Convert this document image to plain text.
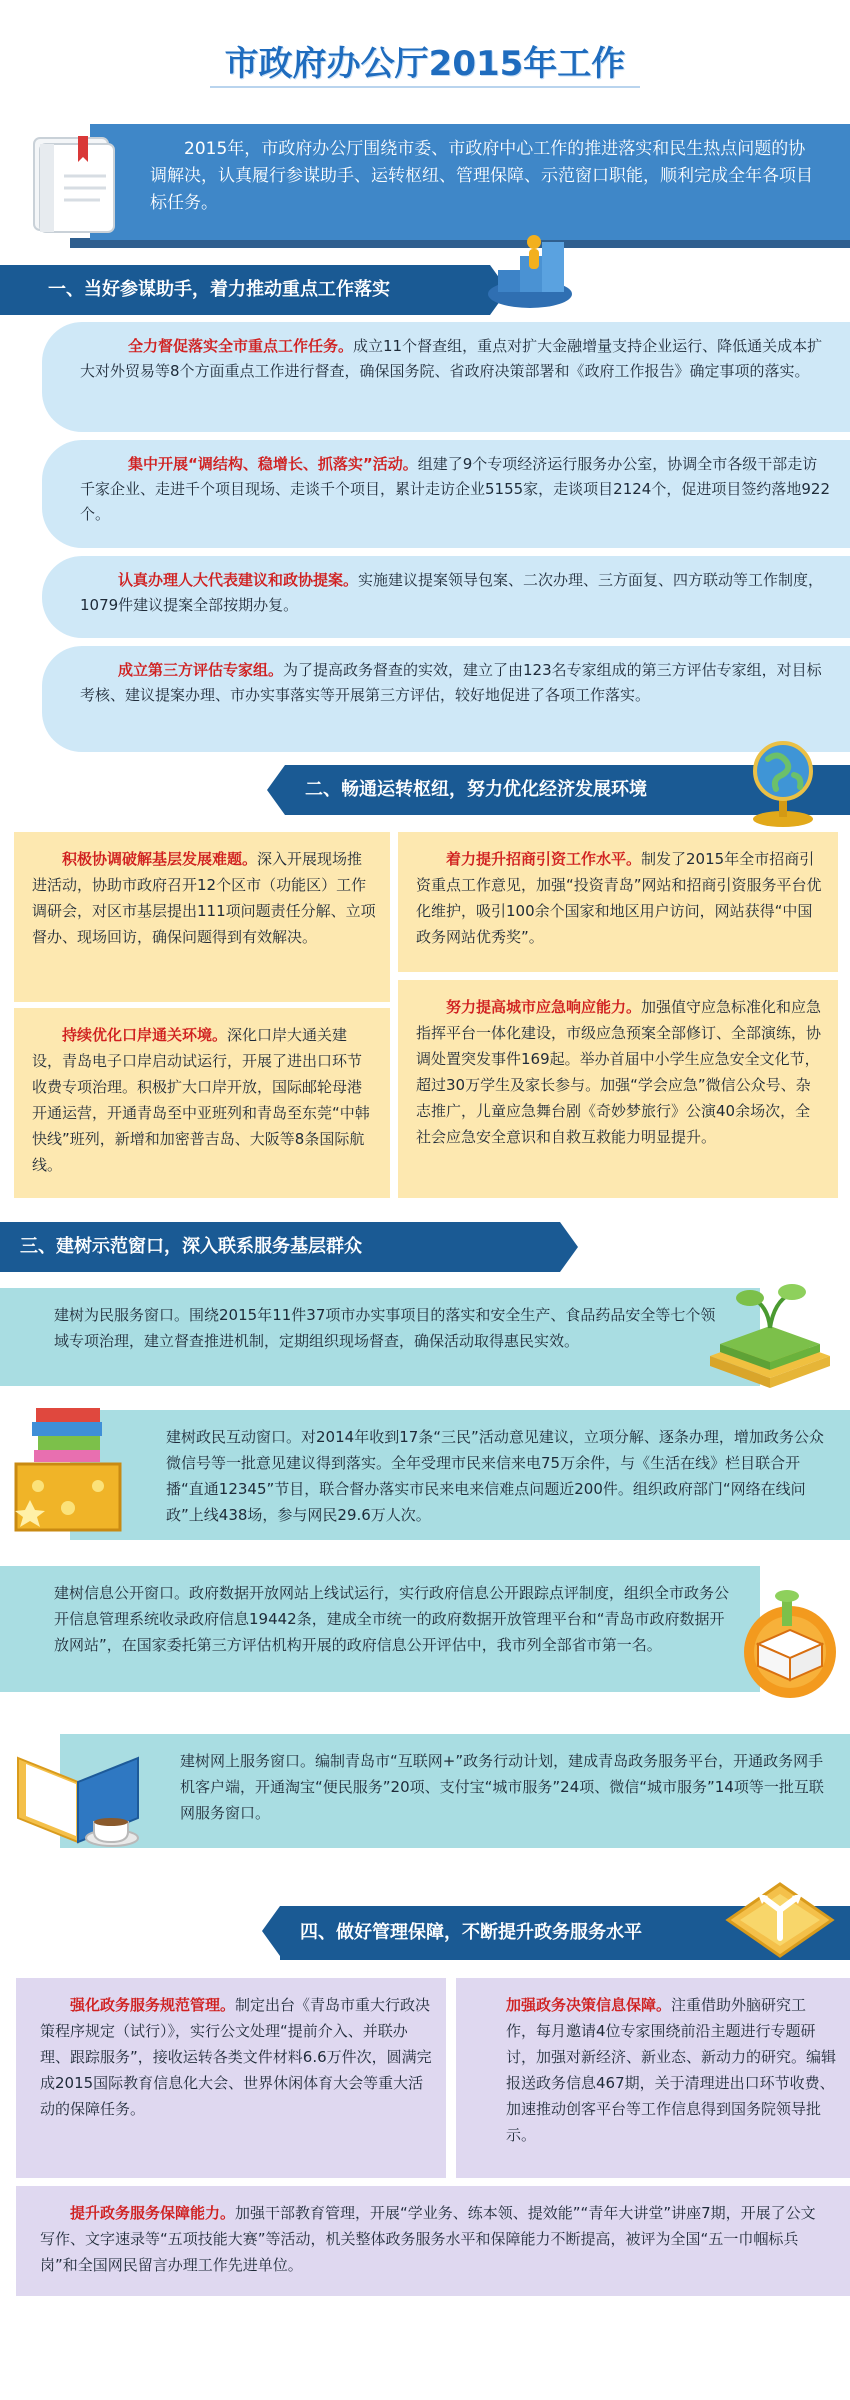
市政府办公厅2015年工作
2015年，市政府办公厅围绕市委、市政府中心工作的推进落实和民生热点问题的协调解决，认真履行参谋助手、运转枢纽、管理保障、示范窗口职能，顺利完成全年各项目标任务。
一、当好参谋助手，着力推动重点工作落实
全力督促落实全市重点工作任务。成立11个督查组，重点对扩大金融增量支持企业运行、降低通关成本扩大对外贸易等8个方面重点工作进行督查，确保国务院、省政府决策部署和《政府工作报告》确定事项的落实。
集中开展“调结构、稳增长、抓落实”活动。组建了9个专项经济运行服务办公室，协调全市各级干部走访千家企业、走进千个项目现场、走谈千个项目，累计走访企业5155家，走谈项目2124个，促进项目签约落地922个。
认真办理人大代表建议和政协提案。实施建议提案领导包案、二次办理、三方面复、四方联动等工作制度，1079件建议提案全部按期办复。
成立第三方评估专家组。为了提高政务督查的实效，建立了由123名专家组成的第三方评估专家组，对目标考核、建议提案办理、市办实事落实等开展第三方评估，较好地促进了各项工作落实。
二、畅通运转枢纽，努力优化经济发展环境
积极协调破解基层发展难题。深入开展现场推进活动，协助市政府召开12个区市（功能区）工作调研会，对区市基层提出111项问题责任分解、立项督办、现场回访，确保问题得到有效解决。
着力提升招商引资工作水平。制发了2015年全市招商引资重点工作意见，加强“投资青岛”网站和招商引资服务平台优化维护，吸引100余个国家和地区用户访问，网站获得“中国政务网站优秀奖”。
持续优化口岸通关环境。深化口岸大通关建设，青岛电子口岸启动试运行，开展了进出口环节收费专项治理。积极扩大口岸开放，国际邮轮母港开通运营，开通青岛至中亚班列和青岛至东莞“中韩快线”班列，新增和加密普吉岛、大阪等8条国际航线。
努力提高城市应急响应能力。加强值守应急标准化和应急指挥平台一体化建设，市级应急预案全部修订、全部演练，协调处置突发事件169起。举办首届中小学生应急安全文化节，超过30万学生及家长参与。加强“学会应急”微信公众号、杂志推广，儿童应急舞台剧《奇妙梦旅行》公演40余场次，全社会应急安全意识和自救互救能力明显提升。
三、建树示范窗口，深入联系服务基层群众
建树为民服务窗口。围绕2015年11件37项市办实事项目的落实和安全生产、食品药品安全等七个领域专项治理，建立督查推进机制，定期组织现场督查，确保活动取得惠民实效。
建树政民互动窗口。对2014年收到17条“三民”活动意见建议，立项分解、逐条办理，增加政务公众微信号等一批意见建议得到落实。全年受理市民来信来电75万余件，与《生活在线》栏目联合开播“直通12345”节目，联合督办落实市民来电来信难点问题近200件。组织政府部门“网络在线问政”上线438场，参与网民29.6万人次。
建树信息公开窗口。政府数据开放网站上线试运行，实行政府信息公开跟踪点评制度，组织全市政务公开信息管理系统收录政府信息19442条，建成全市统一的政府数据开放管理平台和“青岛市政府数据开放网站”，在国家委托第三方评估机构开展的政府信息公开评估中，我市列全部省市第一名。
建树网上服务窗口。编制青岛市“互联网+”政务行动计划，建成青岛政务服务平台，开通政务网手机客户端，开通淘宝“便民服务”20项、支付宝“城市服务”24项、微信“城市服务”14项等一批互联网服务窗口。
四、做好管理保障，不断提升政务服务水平
强化政务服务规范管理。制定出台《青岛市重大行政决策程序规定（试行）》，实行公文处理“提前介入、并联办理、跟踪服务”，接收运转各类文件材料6.6万件次，圆满完成2015国际教育信息化大会、世界休闲体育大会等重大活动的保障任务。
加强政务决策信息保障。注重借助外脑研究工作，每月邀请4位专家围绕前沿主题进行专题研讨，加强对新经济、新业态、新动力的研究。编辑报送政务信息467期，关于清理进出口环节收费、加速推动创客平台等工作信息得到国务院领导批示。
提升政务服务保障能力。加强干部教育管理，开展“学业务、练本领、提效能”“青年大讲堂”讲座7期，开展了公文写作、文字速录等“五项技能大赛”等活动，机关整体政务服务水平和保障能力不断提高，被评为全国“五一巾帼标兵岗”和全国网民留言办理工作先进单位。
